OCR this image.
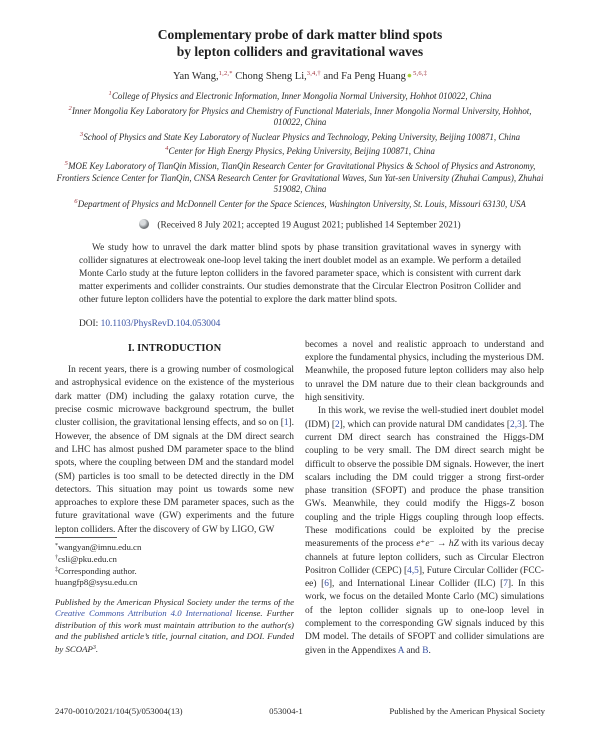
Complementary probe of dark matter blind spots
by lepton colliders and gravitational waves
Yan Wang,$^{1,2,*}$ Chong Sheng Li,$^{3,4,\dagger}$ and Fa Peng Huang●$^{5,6,\ddagger}$

$^1$College of Physics and Electronic Information, Inner Mongolia Normal University, Hohhot 010022, China

$^2$Inner Mongolia Key Laboratory for Physics and Chemistry of Functional Materials, Inner Mongolia Normal University, Hohhot, 010022, China

$^3$School of Physics and State Key Laboratory of Nuclear Physics and Technology, Peking University, Beijing 100871, China

$^4$Center for High Energy Physics, Peking University, Beijing 100871, China

$^5$MOE Key Laboratory of TianQin Mission, TianQin Research Center for Gravitational Physics & School of Physics and Astronomy, Frontiers Science Center for TianQin, CNSA Research Center for Gravitational Waves, Sun Yat-sen University (Zhuhai Campus), Zhuhai 519082, China

$^6$Department of Physics and McDonnell Center for the Space Sciences, Washington University, St. Louis, Missouri 63130, USA

(Received 8 July 2021; accepted 19 August 2021; published 14 September 2021)

We study how to unravel the dark matter blind spots by phase transition gravitational waves in synergy with collider signatures at electroweak one-loop level taking the inert doublet model as an example. We perform a detailed Monte Carlo study at the future lepton colliders in the favored parameter space, which is consistent with current dark matter experiments and collider constraints. Our studies demonstrate that the Circular Electron Positron Collider and other future lepton colliders have the potential to explore the dark matter blind spots.

DOI: 10.1103/PhysRevD.104.053004
I. INTRODUCTION

In recent years, there is a growing number of cosmological and astrophysical evidence on the existence of the mysterious dark matter (DM) including the galaxy rotation curve, the precise cosmic microwave background spectrum, the bullet cluster collision, the gravitational lensing effects, and so on [1]. However, the absence of DM signals at the DM direct search and LHC has almost pushed DM parameter space to the blind spots, where the coupling between DM and the standard model (SM) particles is too small to be detected directly in the DM detectors. This situation may point us towards some new approaches to explore these DM parameter spaces, such as the future gravitational wave (GW) experiments and the future lepton colliders. After the discovery of GW by LIGO, GW

*wangyan@imnu.edu.cn

†csli@pku.edu.cn

‡Corresponding author.

huangfp8@sysu.edu.cn

Published by the American Physical Society under the terms of the Creative Commons Attribution 4.0 International license. Further distribution of this work must maintain attribution to the author(s) and the published article’s title, journal citation, and DOI. Funded by SCOAP$^3$.

becomes a novel and realistic approach to understand and explore the fundamental physics, including the mysterious DM. Meanwhile, the proposed future lepton colliders may also help to unravel the DM nature due to their clean backgrounds and high sensitivity.

In this work, we revise the well-studied inert doublet model (IDM) [2], which can provide natural DM candidates [2,3]. The current DM direct search has constrained the Higgs-DM coupling to be very small. The DM direct search might be difficult to observe the possible DM signals. However, the inert scalars including the DM could trigger a strong first-order phase transition (SFOPT) and produce the phase transition GWs. Meanwhile, they could modify the Higgs-Z boson coupling and the triple Higgs coupling through loop effects. These modifications could be exploited by the precise measurements of the process e⁺e⁻ → hZ with its various decay channels at future lepton colliders, such as Circular Electron Positron Collider (CEPC) [4,5], Future Circular Collider (FCC-ee) [6], and International Linear Collider (ILC) [7]. In this work, we focus on the detailed Monte Carlo (MC) simulations of the lepton collider signals up to one-loop level in complement to the corresponding GW signals induced by this DM model. The details of SFOPT and collider simulations are given in the Appendixes A and B.

2470-0010/2021/104(5)/053004(13)	053004-1	Published by the American Physical Society
